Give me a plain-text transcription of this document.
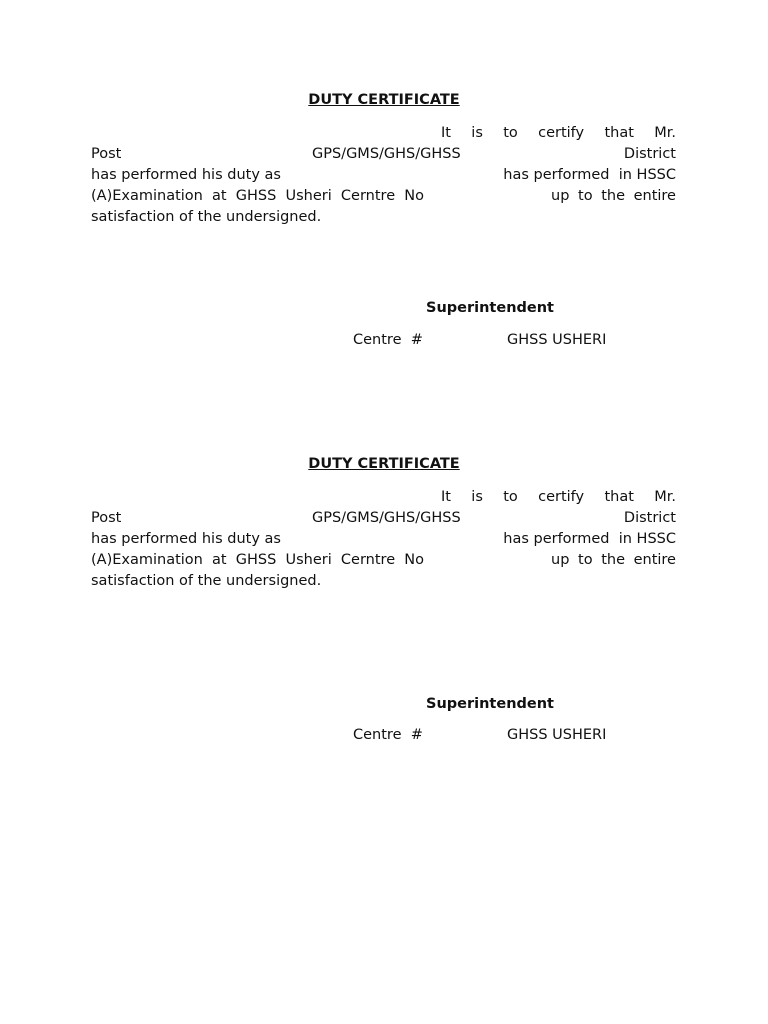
DUTY CERTIFICATE
It is to certify that Mr.
Post	GPS/GMS/GHS/GHSS	District
has performed his duty as	has performed  in HSSC
(A)Examination at GHSS Usheri Cerntre No	up to the entire
satisfaction of the undersigned.

Superintendent

Centre  #	GHSS USHERI
DUTY CERTIFICATE
It is to certify that Mr.
Post	GPS/GMS/GHS/GHSS	District
has performed his duty as	has performed  in HSSC
(A)Examination at GHSS Usheri Cerntre No	up to the entire
satisfaction of the undersigned.

Superintendent

Centre  #	GHSS USHERI
